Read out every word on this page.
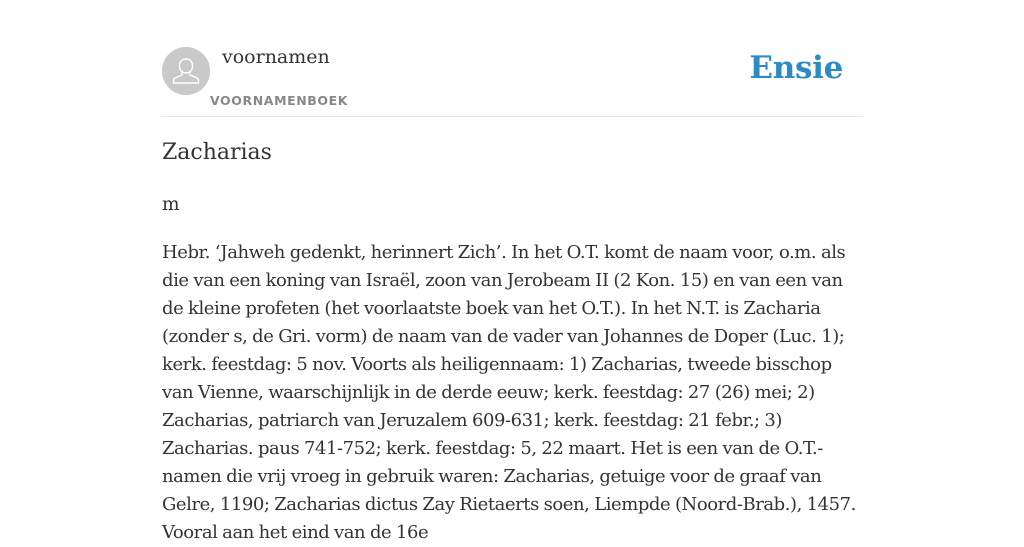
voornamen
VOORNAMENBOEK
Ensie
Zacharias

m

Hebr. ‘Jahweh gedenkt, herinnert Zich’. In het O.T. komt de naam voor, o.m. als die van een koning van Israël, zoon van Jerobeam II (2 Kon. 15) en van een van de kleine profeten (het voorlaatste boek van het O.T.). In het N.T. is Zacharia (zonder s, de Gri. vorm) de naam van de vader van Johannes de Doper (Luc. 1); kerk. feestdag: 5 nov. Voorts als heiligennaam: 1) Zacharias, tweede bisschop van Vienne, waarschijnlijk in de derde eeuw; kerk. feestdag: 27 (26) mei; 2) Zacharias, patriarch van Jeruzalem 609-631; kerk. feestdag: 21 febr.; 3) Zacharias. paus 741-752; kerk. feestdag: 5, 22 maart. Het is een van de O.T.-namen die vrij vroeg in gebruik waren: Zacharias, getuige voor de graaf van Gelre, 1190; Zacharias dictus Zay Rietaerts soen, Liempde (Noord-Brab.), 1457. Vooral aan het eind van de 16e
